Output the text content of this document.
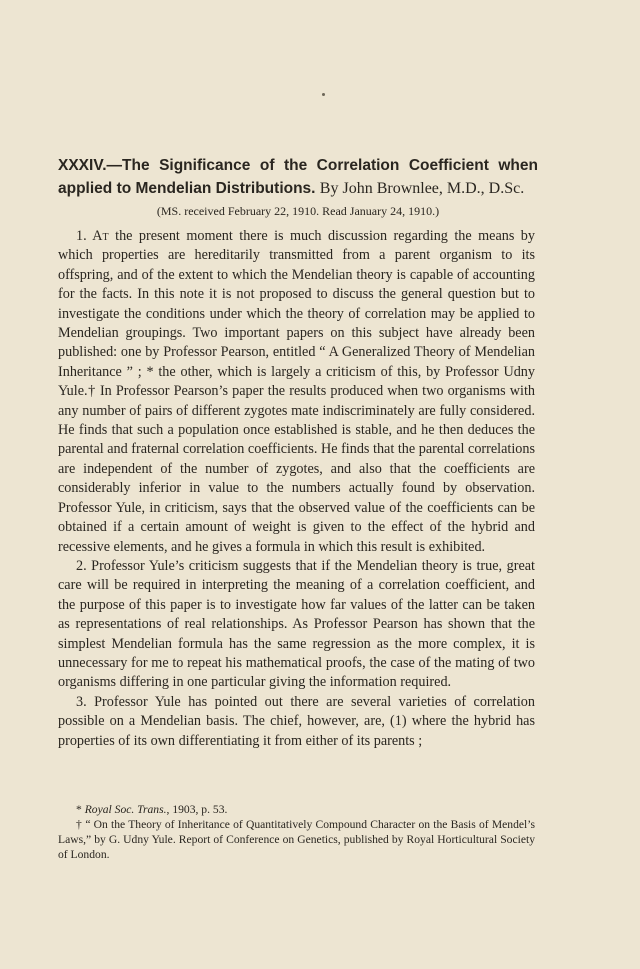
XXXIV.—The Significance of the Correlation Coefficient when applied to Mendelian Distributions. By John Brownlee, M.D., D.Sc.
(MS. received February 22, 1910. Read January 24, 1910.)

1. At the present moment there is much discussion regarding the means by which properties are hereditarily transmitted from a parent organism to its offspring, and of the extent to which the Mendelian theory is capable of accounting for the facts. In this note it is not proposed to discuss the general question but to investigate the conditions under which the theory of correlation may be applied to Mendelian groupings. Two important papers on this subject have already been published: one by Professor Pearson, entitled “ A Generalized Theory of Mendelian Inheritance ” ; * the other, which is largely a criticism of this, by Professor Udny Yule.† In Professor Pearson’s paper the results produced when two organisms with any number of pairs of different zygotes mate indiscriminately are fully considered. He finds that such a population once established is stable, and he then deduces the parental and fraternal correlation coefficients. He finds that the parental correlations are independent of the number of zygotes, and also that the coefficients are considerably inferior in value to the numbers actually found by observation. Professor Yule, in criticism, says that the observed value of the coefficients can be obtained if a certain amount of weight is given to the effect of the hybrid and recessive elements, and he gives a formula in which this result is exhibited.

2. Professor Yule’s criticism suggests that if the Mendelian theory is true, great care will be required in interpreting the meaning of a correlation coefficient, and the purpose of this paper is to investigate how far values of the latter can be taken as representations of real relationships. As Professor Pearson has shown that the simplest Mendelian formula has the same regression as the more complex, it is unnecessary for me to repeat his mathematical proofs, the case of the mating of two organisms differing in one particular giving the information required.

3. Professor Yule has pointed out there are several varieties of correlation possible on a Mendelian basis. The chief, however, are, (1) where the hybrid has properties of its own differentiating it from either of its parents ;

* Royal Soc. Trans., 1903, p. 53.

† “ On the Theory of Inheritance of Quantitatively Compound Character on the Basis of Mendel’s Laws,” by G. Udny Yule. Report of Conference on Genetics, published by Royal Horticultural Society of London.
